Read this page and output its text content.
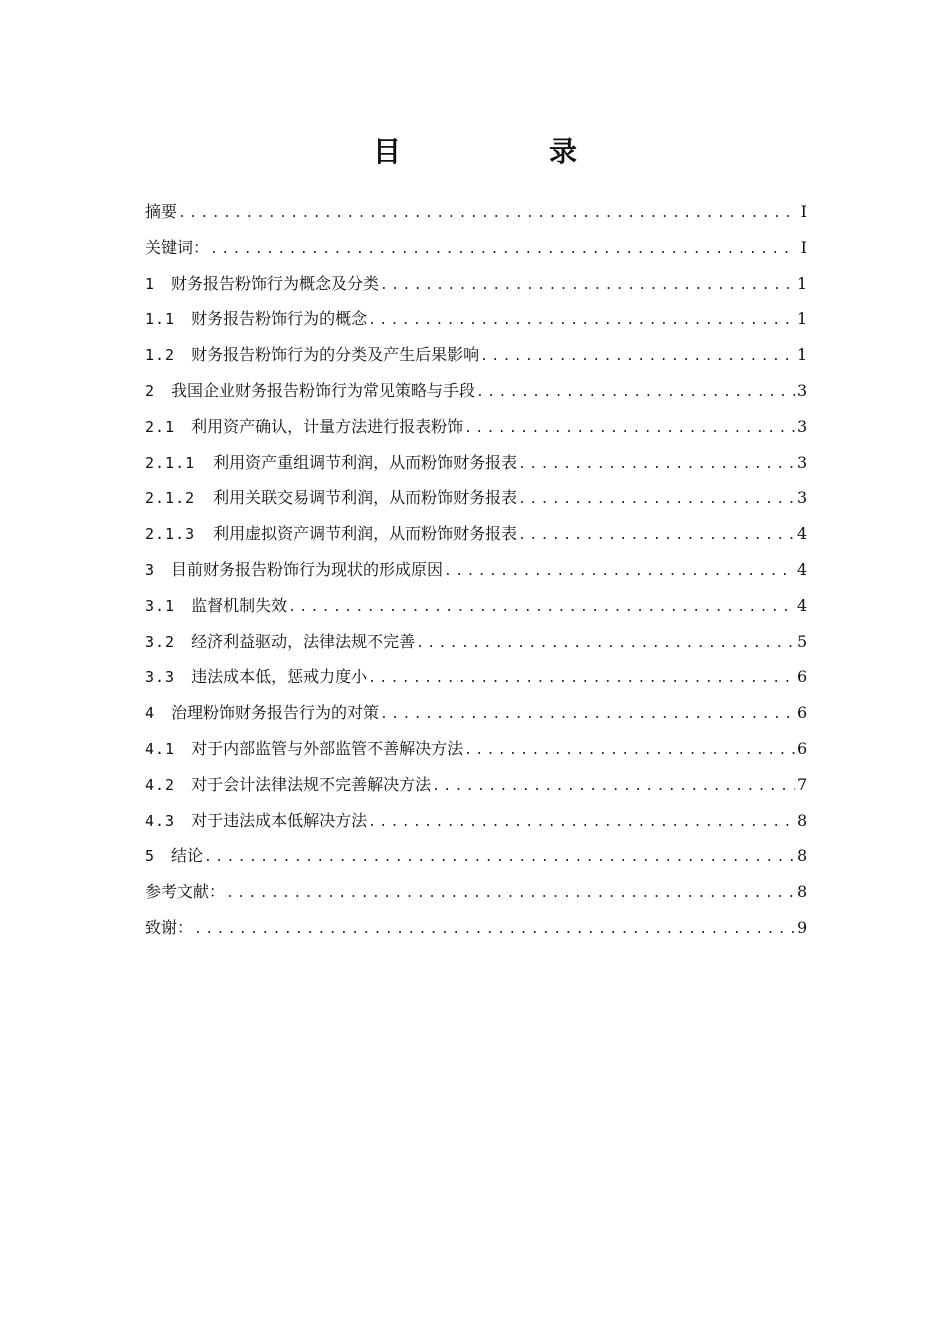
目　录
摘要 .....	I
关键词： .....	I
1 财务报告粉饰行为概念及分类 .....	1
1.1 财务报告粉饰行为的概念 .....	1
1.2 财务报告粉饰行为的分类及产生后果影响 .....	1
2 我国企业财务报告粉饰行为常见策略与手段 .....	3
2.1 利用资产确认，计量方法进行报表粉饰 .....	3
2.1.1 利用资产重组调节利润，从而粉饰财务报表 .....	3
2.1.2 利用关联交易调节利润，从而粉饰财务报表 .....	3
2.1.3 利用虚拟资产调节利润，从而粉饰财务报表 .....	4
3 目前财务报告粉饰行为现状的形成原因 .....	4
3.1 监督机制失效 .....	4
3.2 经济利益驱动，法律法规不完善 .....	5
3.3 违法成本低，惩戒力度小 .....	6
4 治理粉饰财务报告行为的对策 .....	6
4.1 对于内部监管与外部监管不善解决方法 .....	6
4.2 对于会计法律法规不完善解决方法 .....	7
4.3 对于违法成本低解决方法 .....	8
5 结论 .....	8
参考文献： .....	8
致谢： .....	9
